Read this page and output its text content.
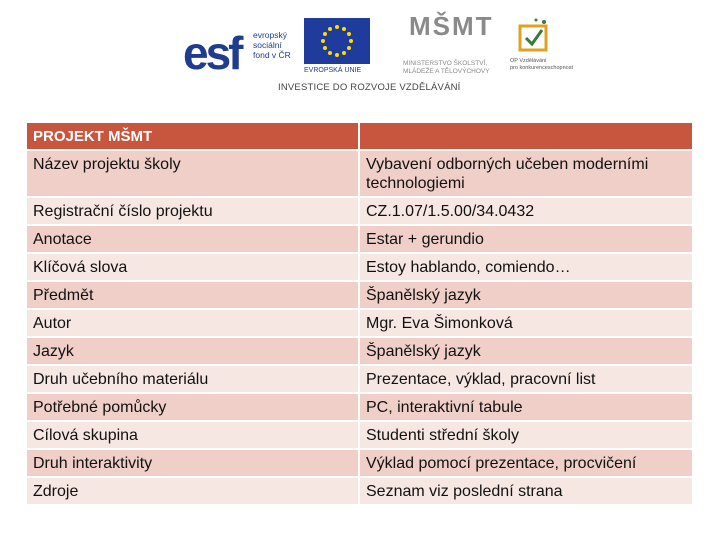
esf evropský
sociální
fond v ČR
EVROPSKÁ UNIE
MŠMT
MINISTERSTVO ŠKOLSTVÍ,
MLÁDEŽE A TĚLOVÝCHOVY
OP Vzdělávání
pro konkurenceschopnost
INVESTICE DO ROZVOJE VZDĚLÁVÁNÍ
PROJEKT MŠMT	
Název projektu školy	Vybavení odborných učeben moderními technologiemi
Registrační číslo projektu	CZ.1.07/1.5.00/34.0432
Anotace	Estar + gerundio
Klíčová slova	Estoy hablando, comiendo…
Předmět	Španělský jazyk
Autor	Mgr. Eva Šimonková
Jazyk	Španělský jazyk
Druh učebního materiálu	Prezentace, výklad, pracovní list
Potřebné pomůcky	PC, interaktivní tabule
Cílová skupina	Studenti střední školy
Druh interaktivity	Výklad pomocí prezentace, procvičení
Zdroje	Seznam viz poslední strana
